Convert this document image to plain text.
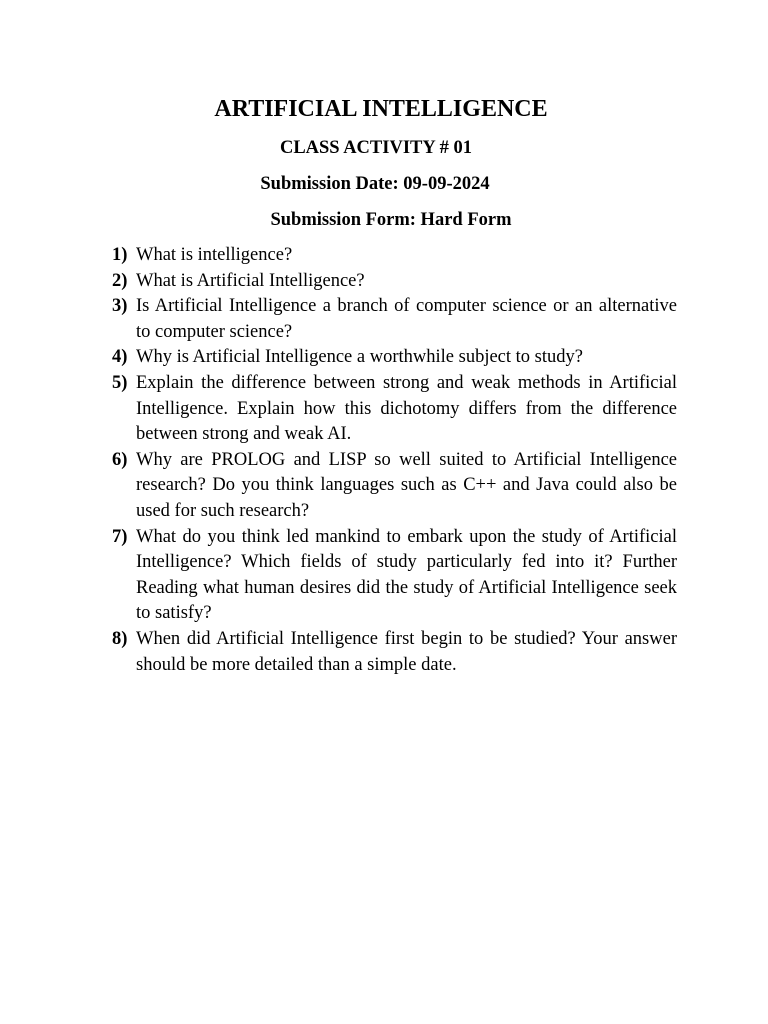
ARTIFICIAL INTELLIGENCE
CLASS ACTIVITY # 01
Submission Date: 09-09-2024
Submission Form: Hard Form
1) What is intelligence?
2) What is Artificial Intelligence?
3) Is Artificial Intelligence a branch of computer science or an alternative to computer science?
4) Why is Artificial Intelligence a worthwhile subject to study?
5) Explain the difference between strong and weak methods in Artificial Intelligence. Explain how this dichotomy differs from the difference between strong and weak AI.
6) Why are PROLOG and LISP so well suited to Artificial Intelligence research? Do you think languages such as C++ and Java could also be used for such research?
7) What do you think led mankind to embark upon the study of Artificial Intelligence? Which fields of study particularly fed into it? Further Reading what human desires did the study of Artificial Intelligence seek to satisfy?
8) When did Artificial Intelligence first begin to be studied? Your answer should be more detailed than a simple date.
